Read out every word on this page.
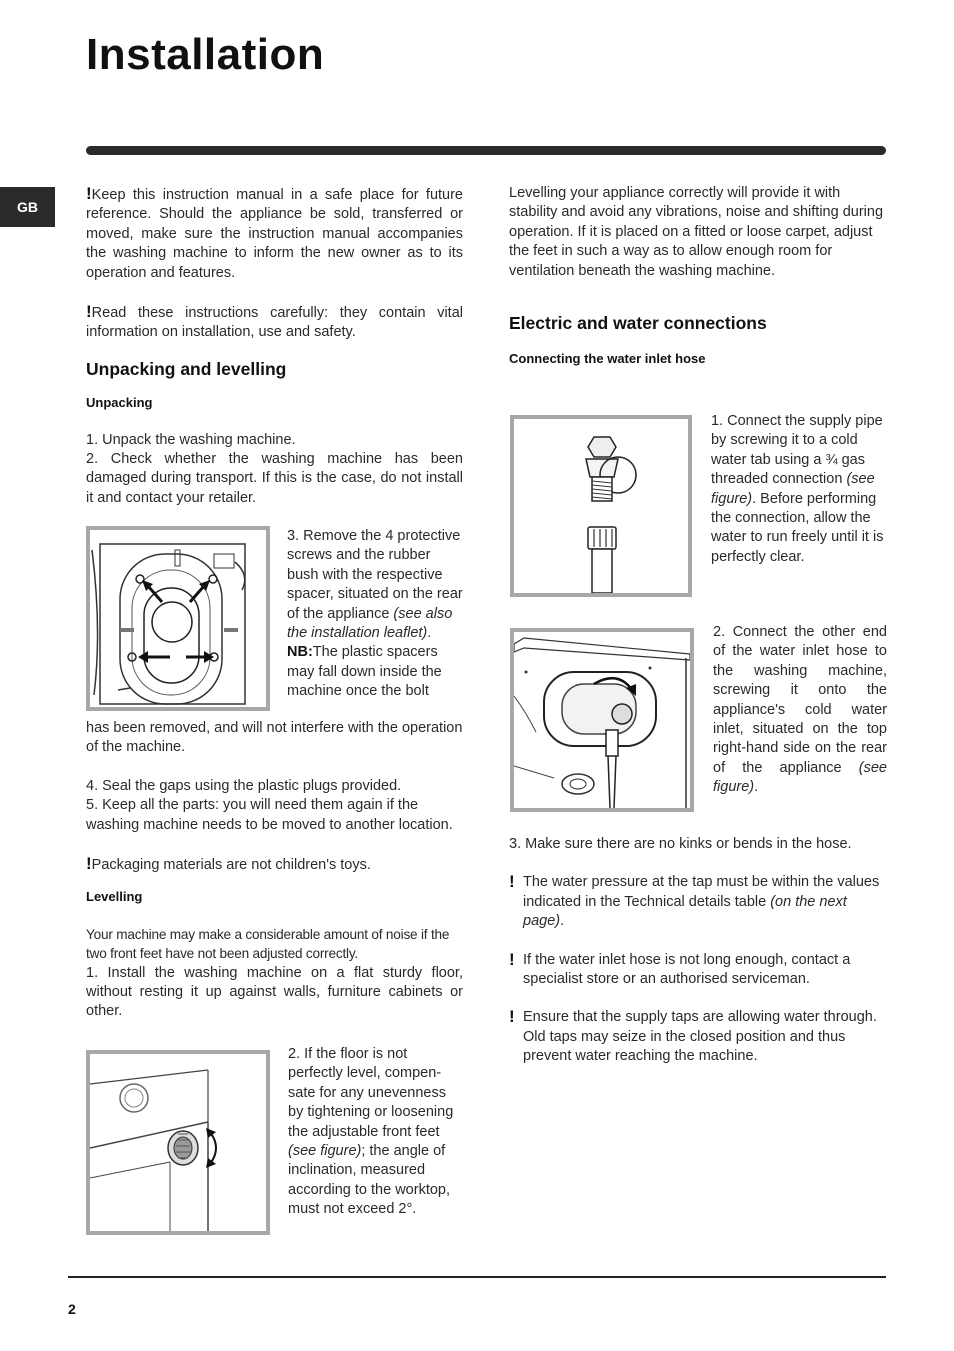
Installation
GB

!Keep this instruction manual in a safe place for future reference. Should the appliance be sold, transferred or moved, make sure the instruction manual accompanies the washing machine to inform the new owner as to its operation and features.

!Read these instructions carefully: they contain vital information on installation, use and safety.

Unpacking and levelling
Unpacking

1. Unpack the washing machine.

2. Check whether the washing machine has been damaged during transport. If this is the case, do not install it and contact your retailer.

3. Remove the 4 protective screws and the rubber bush with the respective spacer, situated on the rear of the appliance (see also the installation leaflet). NB:The plastic spacers may fall down inside the machine once the bolt

has been removed, and will not interfere with the operation of the machine.

4. Seal the gaps using the plastic plugs provided.

5. Keep all the parts: you will need them again if the washing machine needs to be moved to another location.

!Packaging materials are not children's toys.

Levelling

Your machine may make a considerable amount of noise if the two front feet have not been adjusted correctly.

1. Install the washing machine on a flat sturdy floor, without resting it up against walls, furniture cabinets or other.

2. If the floor is not perfectly level, compen-sate for any unevenness by tightening or loosening the adjustable front feet (see figure); the angle of inclination, measured according to the worktop, must not exceed 2°.

Levelling your appliance correctly will provide it with stability and avoid any vibrations, noise and shifting during operation. If it is placed on a fitted or loose carpet, adjust the feet in such a way as to allow enough room for ventilation beneath the washing machine.

Electric and water connections
Connecting the water inlet hose

1. Connect the supply pipe by screwing it to a cold water tab using a ¾ gas threaded connection (see figure). Before performing the connection, allow the water to run freely until it is perfectly clear.

2. Connect the other end of the water inlet hose to the washing machine, screwing it onto the appliance's cold water inlet, situated on the top right-hand side on the rear of the appliance (see figure).

3. Make sure there are no kinks or bends in the hose.

! The water pressure at the tap must be within the values indicated in the Technical details table (on the next page).

! If the water inlet hose is not long enough, contact a specialist store or an authorised serviceman.

! Ensure that the supply taps are allowing water through. Old taps may seize in the closed position and thus prevent water reaching the machine.

2
